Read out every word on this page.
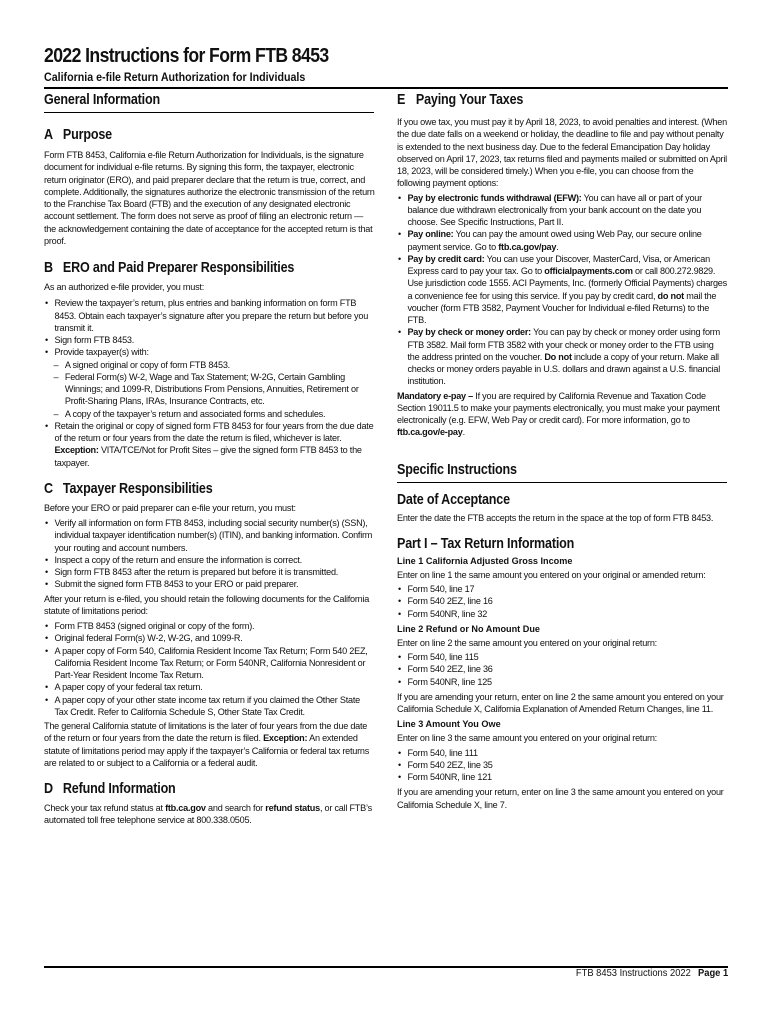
2022 Instructions for Form FTB 8453
California e-file Return Authorization for Individuals
General Information
A Purpose

Form FTB 8453, California e-file Return Authorization for Individuals, is the signature document for individual e-file returns. By signing this form, the taxpayer, electronic return originator (ERO), and paid preparer declare that the return is true, correct, and complete. Additionally, the signatures authorize the electronic transmission of the return to the Franchise Tax Board (FTB) and the execution of any designated electronic account settlement. The form does not serve as proof of filing an electronic return — the acknowledgement containing the date of acceptance for the accepted return is that proof.

B ERO and Paid Preparer Responsibilities

As an authorized e-file provider, you must:

• Review the taxpayer’s return, plus entries and banking information on form FTB 8453. Obtain each taxpayer’s signature after you prepare the return but before you transmit it.
• Sign form FTB 8453.
• Provide taxpayer(s) with:
– A signed original or copy of form FTB 8453.
– Federal Form(s) W-2, Wage and Tax Statement; W-2G, Certain Gambling Winnings; and 1099-R, Distributions From Pensions, Annuities, Retirement or Profit-Sharing Plans, IRAs, Insurance Contracts, etc.
– A copy of the taxpayer’s return and associated forms and schedules.
• Retain the original or copy of signed form FTB 8453 for four years from the due date of the return or four years from the date the return is filed, whichever is later. Exception: VITA/TCE/Not for Profit Sites – give the signed form FTB 8453 to the taxpayer.
C Taxpayer Responsibilities

Before your ERO or paid preparer can e-file your return, you must:

• Verify all information on form FTB 8453, including social security number(s) (SSN), individual taxpayer identification number(s) (ITIN), and banking information. Confirm your routing and account numbers.
• Inspect a copy of the return and ensure the information is correct.
• Sign form FTB 8453 after the return is prepared but before it is transmitted.
• Submit the signed form FTB 8453 to your ERO or paid preparer.

After your return is e-filed, you should retain the following documents for the California statute of limitations period:

• Form FTB 8453 (signed original or copy of the form).
• Original federal Form(s) W-2, W-2G, and 1099-R.
• A paper copy of Form 540, California Resident Income Tax Return; Form 540 2EZ, California Resident Income Tax Return; or Form 540NR, California Nonresident or Part-Year Resident Income Tax Return.
• A paper copy of your federal tax return.
• A paper copy of your other state income tax return if you claimed the Other State Tax Credit. Refer to California Schedule S, Other State Tax Credit.

The general California statute of limitations is the later of four years from the due date of the return or four years from the date the return is filed. Exception: An extended statute of limitations period may apply if the taxpayer’s California or federal tax returns are related to or subject to a California or a federal audit.

D Refund Information

Check your tax refund status at ftb.ca.gov and search for refund status, or call FTB’s automated toll free telephone service at 800.338.0505.

E Paying Your Taxes

If you owe tax, you must pay it by April 18, 2023, to avoid penalties and interest. (When the due date falls on a weekend or holiday, the deadline to file and pay without penalty is extended to the next business day. Due to the federal Emancipation Day holiday observed on April 17, 2023, tax returns filed and payments mailed or submitted on April 18, 2023, will be considered timely.) When you e-file, you can choose from the following payment options:

• Pay by electronic funds withdrawal (EFW): You can have all or part of your balance due withdrawn electronically from your bank account on the date you choose. See Specific Instructions, Part II.
• Pay online: You can pay the amount owed using Web Pay, our secure online payment service. Go to ftb.ca.gov/pay.
• Pay by credit card: You can use your Discover, MasterCard, Visa, or American Express card to pay your tax. Go to officialpayments.com or call 800.272.9829. Use jurisdiction code 1555. ACI Payments, Inc. (formerly Official Payments) charges a convenience fee for using this service. If you pay by credit card, do not mail the voucher (form FTB 3582, Payment Voucher for Individual e-filed Returns) to the FTB.
• Pay by check or money order: You can pay by check or money order using form FTB 3582. Mail form FTB 3582 with your check or money order to the FTB using the address printed on the voucher. Do not include a copy of your return. Make all checks or money orders payable in U.S. dollars and drawn against a U.S. financial institution.

Mandatory e-pay – If you are required by California Revenue and Taxation Code Section 19011.5 to make your payments electronically, you must make your payment electronically (e.g. EFW, Web Pay or credit card). For more information, go to ftb.ca.gov/e-pay.

Specific Instructions
Date of Acceptance

Enter the date the FTB accepts the return in the space at the top of form FTB 8453.

Part I – Tax Return Information
Line 1 California Adjusted Gross Income

Enter on line 1 the same amount you entered on your original or amended return:

• Form 540, line 17
• Form 540 2EZ, line 16
• Form 540NR, line 32
Line 2 Refund or No Amount Due

Enter on line 2 the same amount you entered on your original return:

• Form 540, line 115
• Form 540 2EZ, line 36
• Form 540NR, line 125

If you are amending your return, enter on line 2 the same amount you entered on your California Schedule X, California Explanation of Amended Return Changes, line 11.

Line 3 Amount You Owe

Enter on line 3 the same amount you entered on your original return:

• Form 540, line 111
• Form 540 2EZ, line 35
• Form 540NR, line 121

If you are amending your return, enter on line 3 the same amount you entered on your California Schedule X, line 7.

FTB 8453 Instructions 2022 Page 1
